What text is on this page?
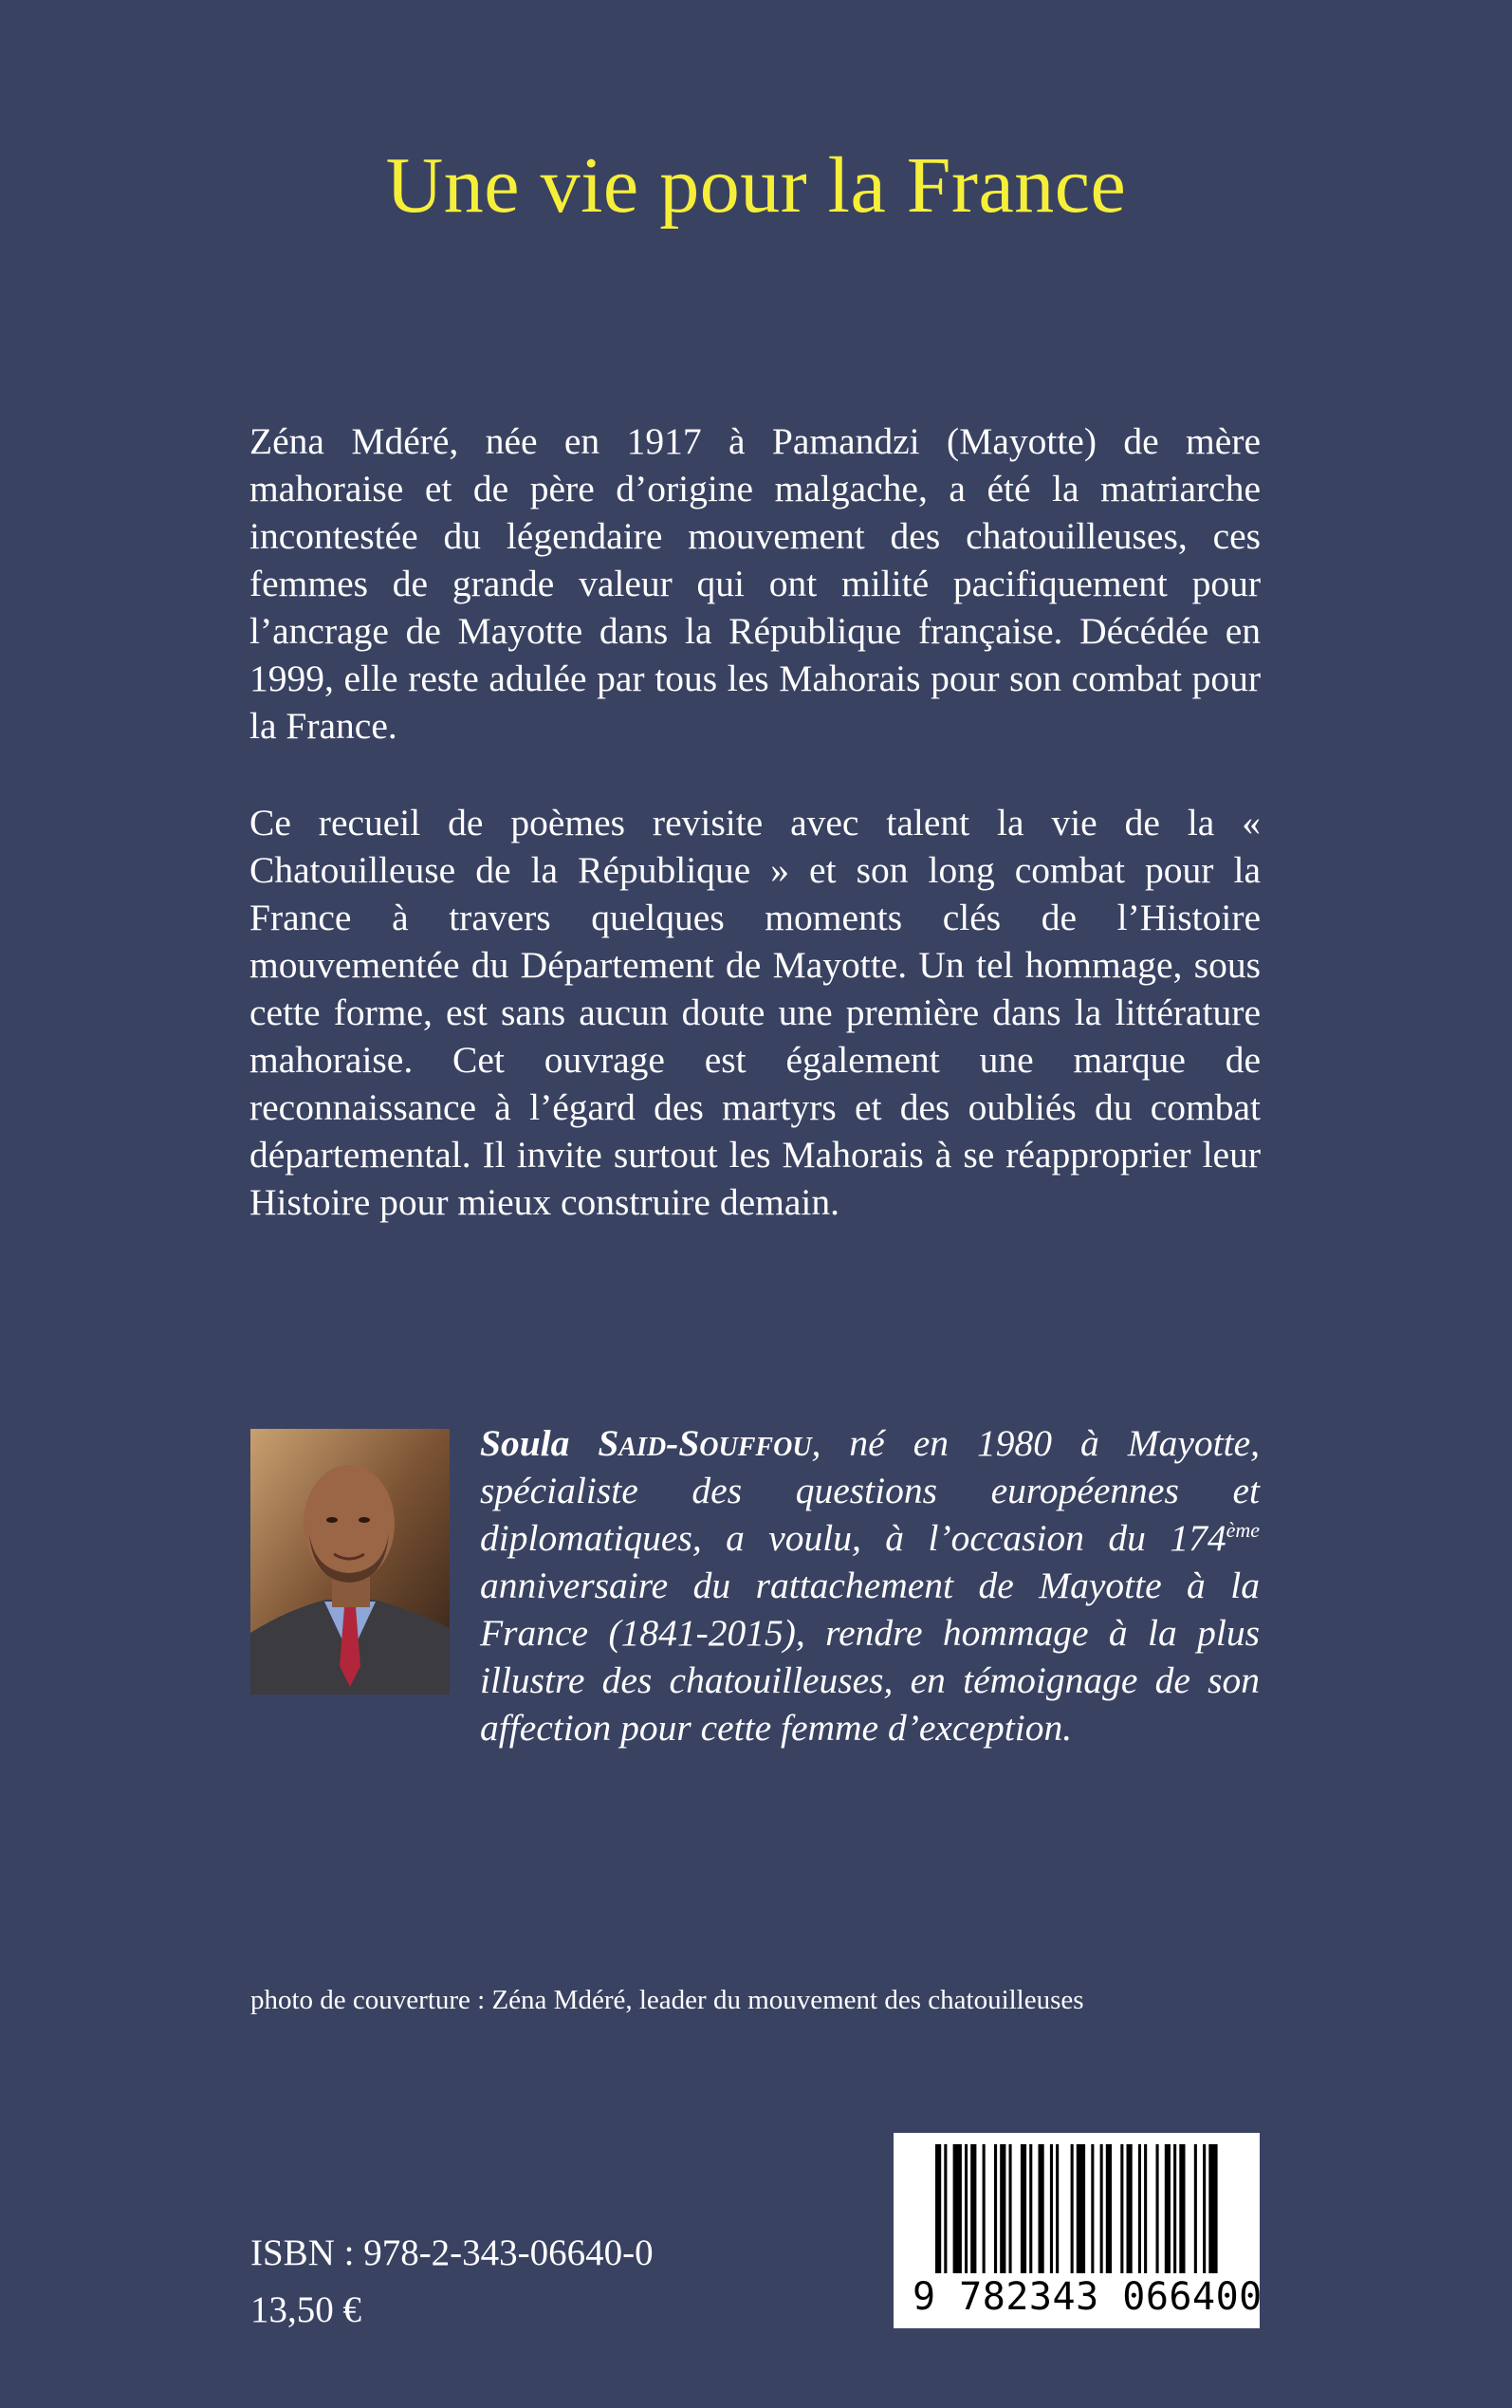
Une vie pour la France

Zéna Mdéré, née en 1917 à Pamandzi (Mayotte) de mère mahoraise et de père d’origine malgache, a été la matriarche incontestée du légendaire mouvement des chatouilleuses, ces femmes de grande valeur qui ont milité pacifiquement pour l’ancrage de Mayotte dans la République française. Décédée en 1999, elle reste adulée par tous les Mahorais pour son combat pour la France.

Ce recueil de poèmes revisite avec talent la vie de la « Chatouilleuse de la République » et son long combat pour la France à travers quelques moments clés de l’Histoire mouvementée du Département de Mayotte. Un tel hommage, sous cette forme, est sans aucun doute une première dans la littérature mahoraise. Cet ouvrage est également une marque de reconnaissance à l’égard des martyrs et des oubliés du combat départemental. Il invite surtout les Mahorais à se réapproprier leur Histoire pour mieux construire demain.

Soula Said-Souffou, né en 1980 à Mayotte, spécialiste des questions européennes et diplomatiques, a voulu, à l’occasion du 174ème anniversaire du rattachement de Mayotte à la France (1841-2015), rendre hommage à la plus illustre des chatouilleuses, en témoignage de son affection pour cette femme d’exception.

photo de couverture : Zéna Mdéré, leader du mouvement des chatouilleuses
ISBN : 978-2-343-06640-0
13,50 €	9 782343 066400
